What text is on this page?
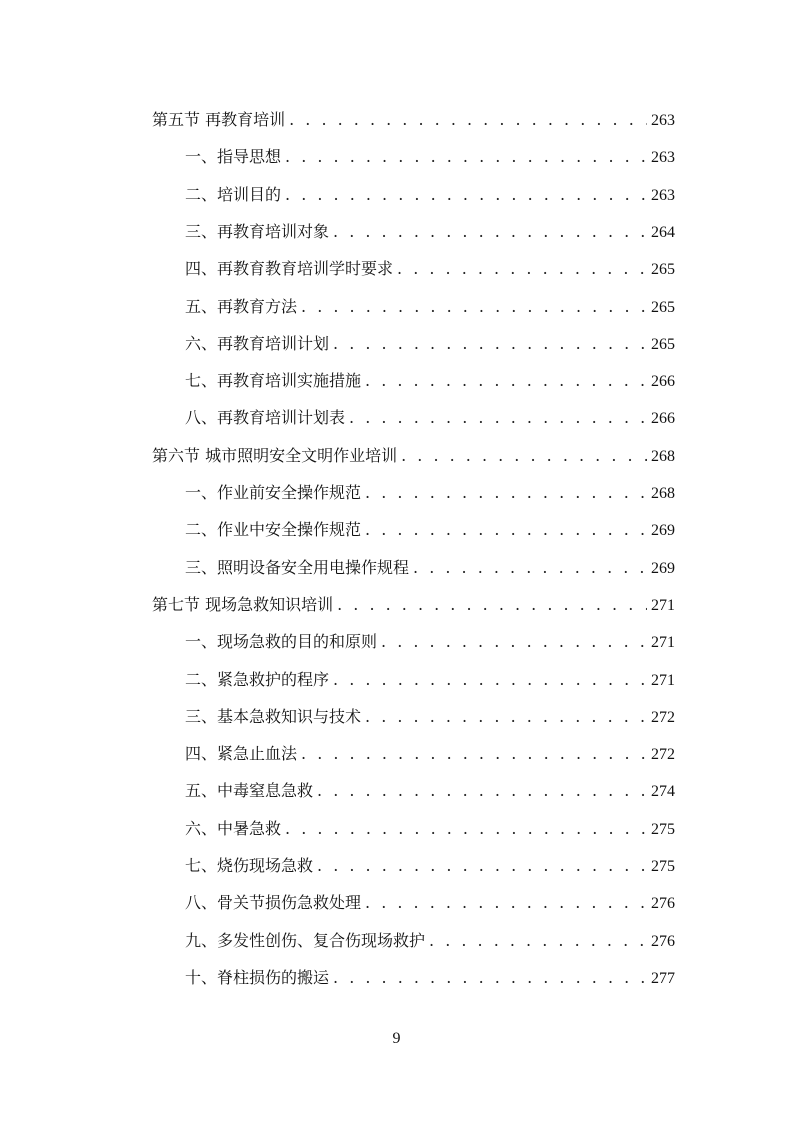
第五节 再教育培训 . . .	263
一、指导思想 . . .	263
二、培训目的 . . .	263
三、再教育培训对象 . . .	264
四、再教育教育培训学时要求 . . .	265
五、再教育方法 . . .	265
六、再教育培训计划 . . .	265
七、再教育培训实施措施 . . .	266
八、再教育培训计划表 . . .	266
第六节 城市照明安全文明作业培训 . . .	268
一、作业前安全操作规范 . . .	268
二、作业中安全操作规范 . . .	269
三、照明设备安全用电操作规程 . . .	269
第七节 现场急救知识培训 . . .	271
一、现场急救的目的和原则 . . .	271
二、紧急救护的程序 . . .	271
三、基本急救知识与技术 . . .	272
四、紧急止血法 . . .	272
五、中毒窒息急救 . . .	274
六、中暑急救 . . .	275
七、烧伤现场急救 . . .	275
八、骨关节损伤急救处理 . . .	276
九、多发性创伤、复合伤现场救护 . . .	276
十、脊柱损伤的搬运 . . .	277
9
